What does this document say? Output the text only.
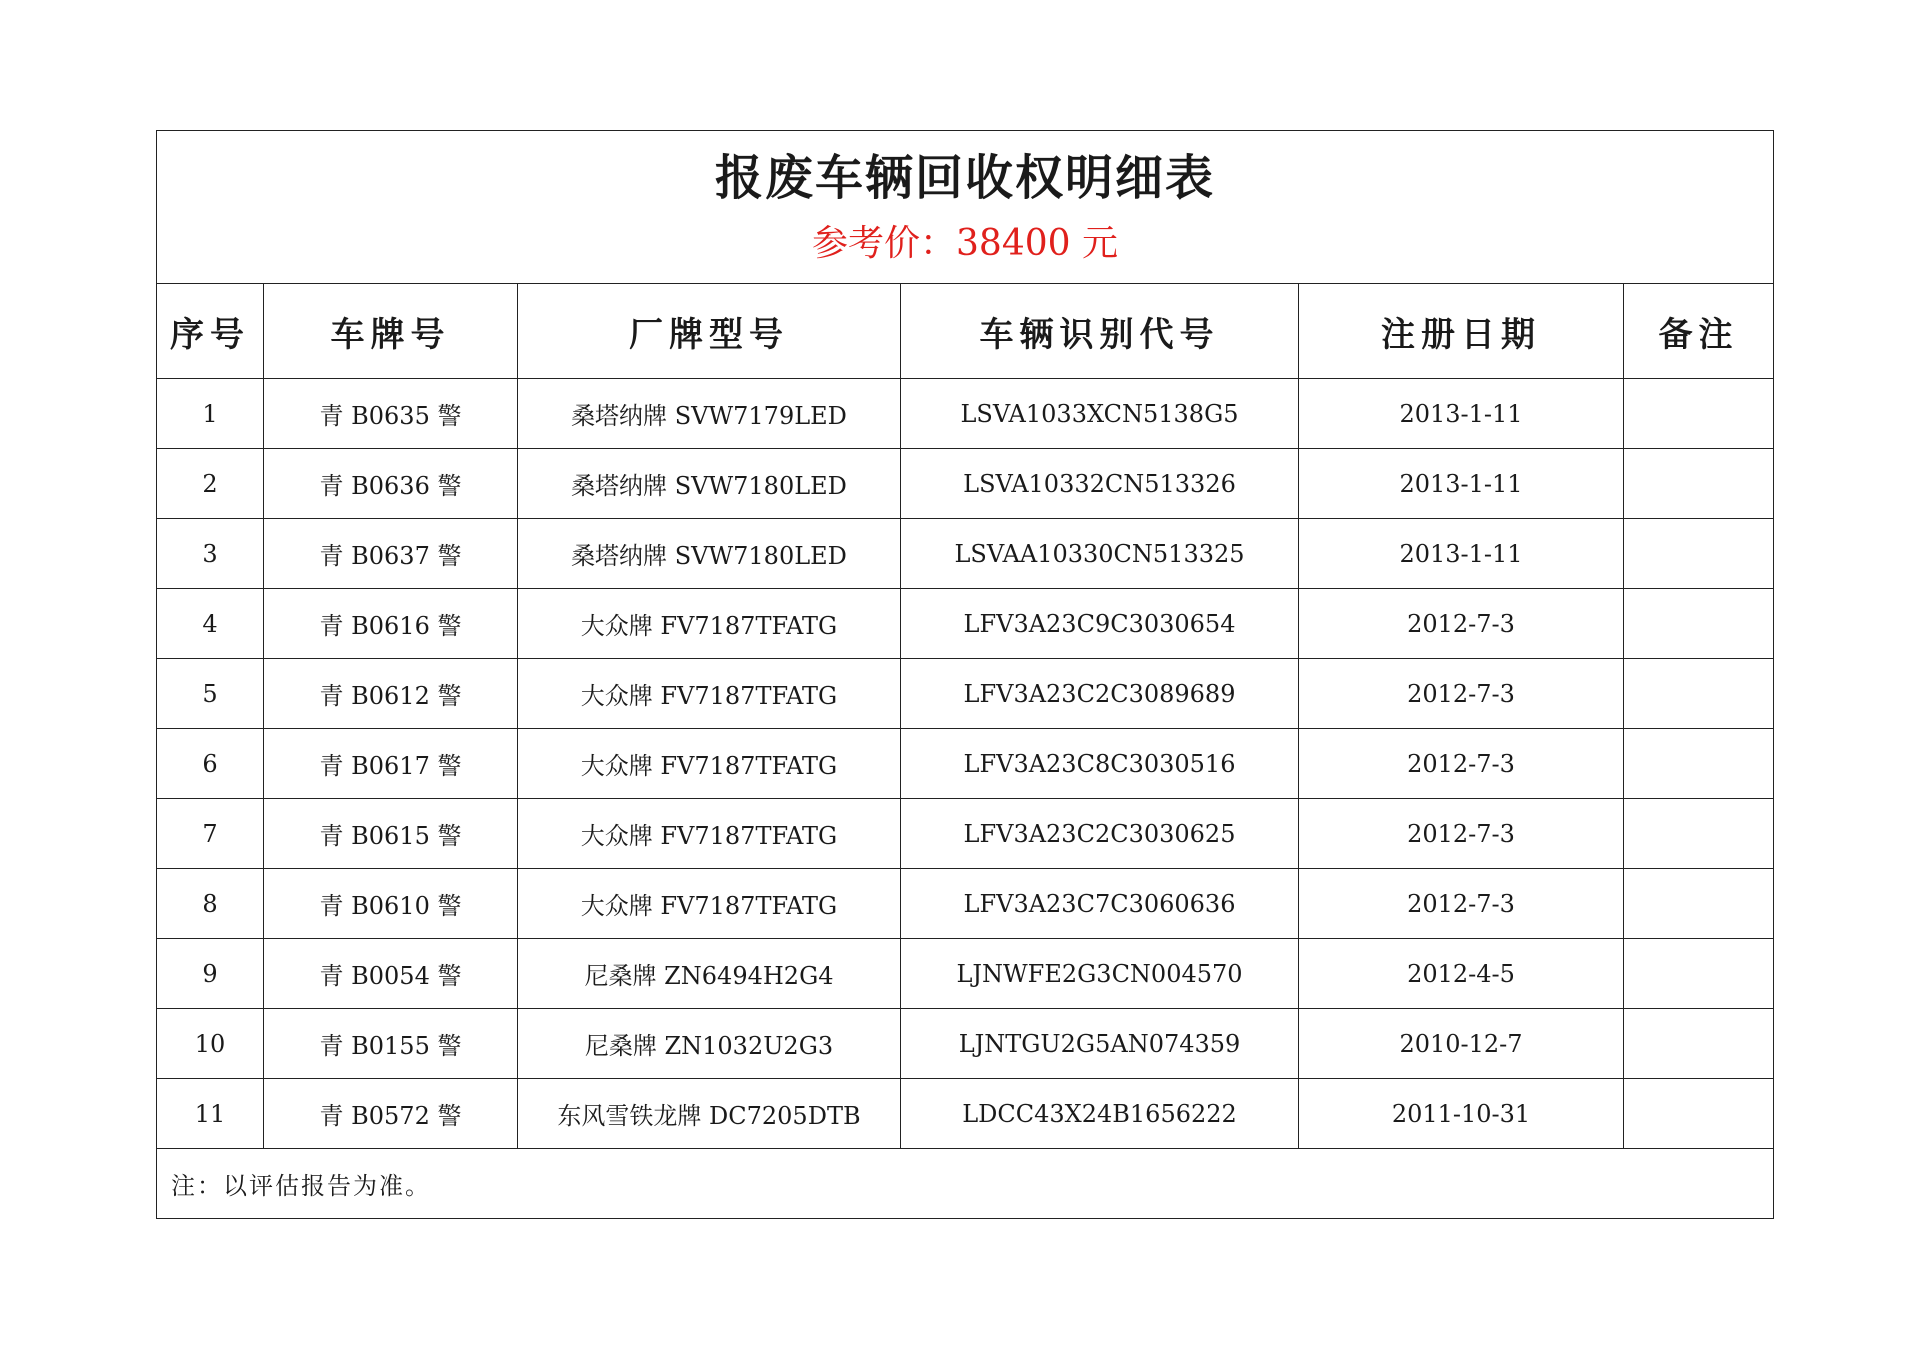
报废车辆回收权明细表
参考价：38400 元					

序号	车牌号	厂牌型号	车辆识别代号	注册日期	备注
1	青 B0635 警	桑塔纳牌 SVW7179LED	LSVA1033XCN5138G5	2013-1-11	
2	青 B0636 警	桑塔纳牌 SVW7180LED	LSVA10332CN513326	2013-1-11	
3	青 B0637 警	桑塔纳牌 SVW7180LED	LSVAA10330CN513325	2013-1-11	
4	青 B0616 警	大众牌 FV7187TFATG	LFV3A23C9C3030654	2012-7-3	
5	青 B0612 警	大众牌 FV7187TFATG	LFV3A23C2C3089689	2012-7-3	
6	青 B0617 警	大众牌 FV7187TFATG	LFV3A23C8C3030516	2012-7-3	
7	青 B0615 警	大众牌 FV7187TFATG	LFV3A23C2C3030625	2012-7-3	
8	青 B0610 警	大众牌 FV7187TFATG	LFV3A23C7C3060636	2012-7-3	
9	青 B0054 警	尼桑牌 ZN6494H2G4	LJNWFE2G3CN004570	2012-4-5	
10	青 B0155 警	尼桑牌 ZN1032U2G3	LJNTGU2G5AN074359	2010-12-7	
11	青 B0572 警	东风雪铁龙牌 DC7205DTB	LDCC43X24B1656222	2011-10-31	
注：以评估报告为准。					
